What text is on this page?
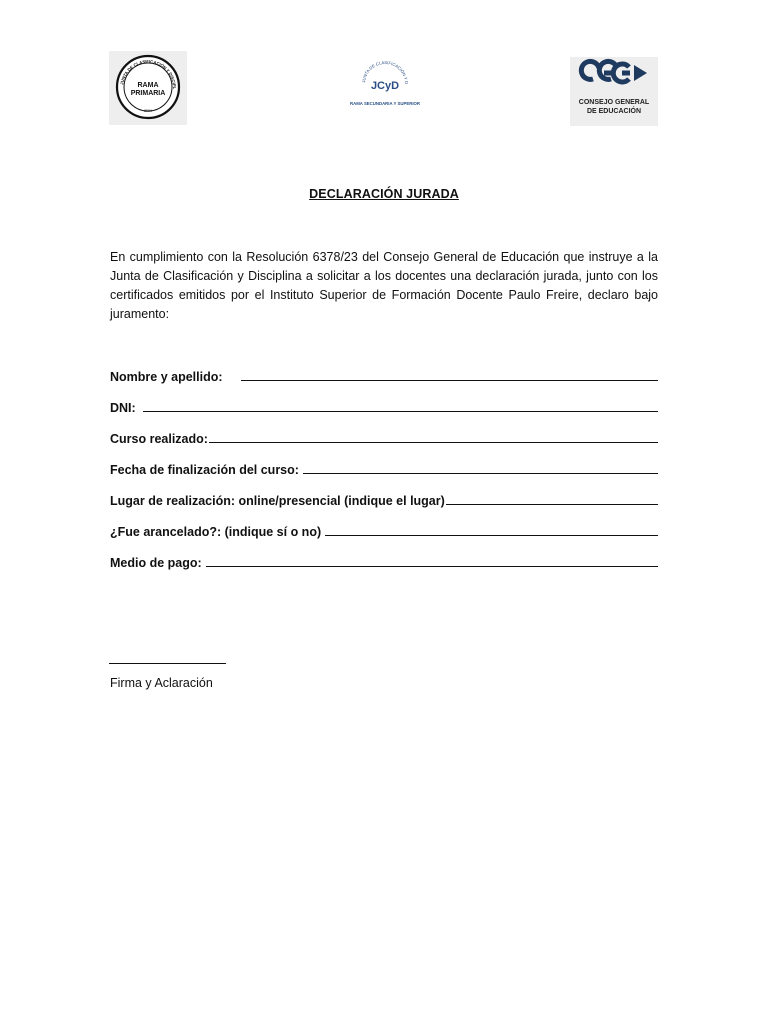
JUNTA DE CLASIFICACIÓN Y DISCIPL
RAMA
PRIMARIA
2024
JUNTA DE CLASIFICACIÓN Y D
JCyD
RAMA SECUNDARIA Y SUPERIOR	CONSEJO GENERAL
DE EDUCACIÓN
DECLARACIÓN JURADA

En cumplimiento con la Resolución 6378/23 del Consejo General de Educación que instruye a la Junta de Clasificación y Disciplina a solicitar a los docentes una declaración jurada, junto con los certificados emitidos por el Instituto Superior de Formación Docente Paulo Freire, declaro bajo juramento:

Nombre y apellido:
DNI:
Curso realizado:
Fecha de finalización del curso:
Lugar de realización: online/presencial (indique el lugar)
¿Fue arancelado?: (indique sí o no)
Medio de pago:
Firma y Aclaración
